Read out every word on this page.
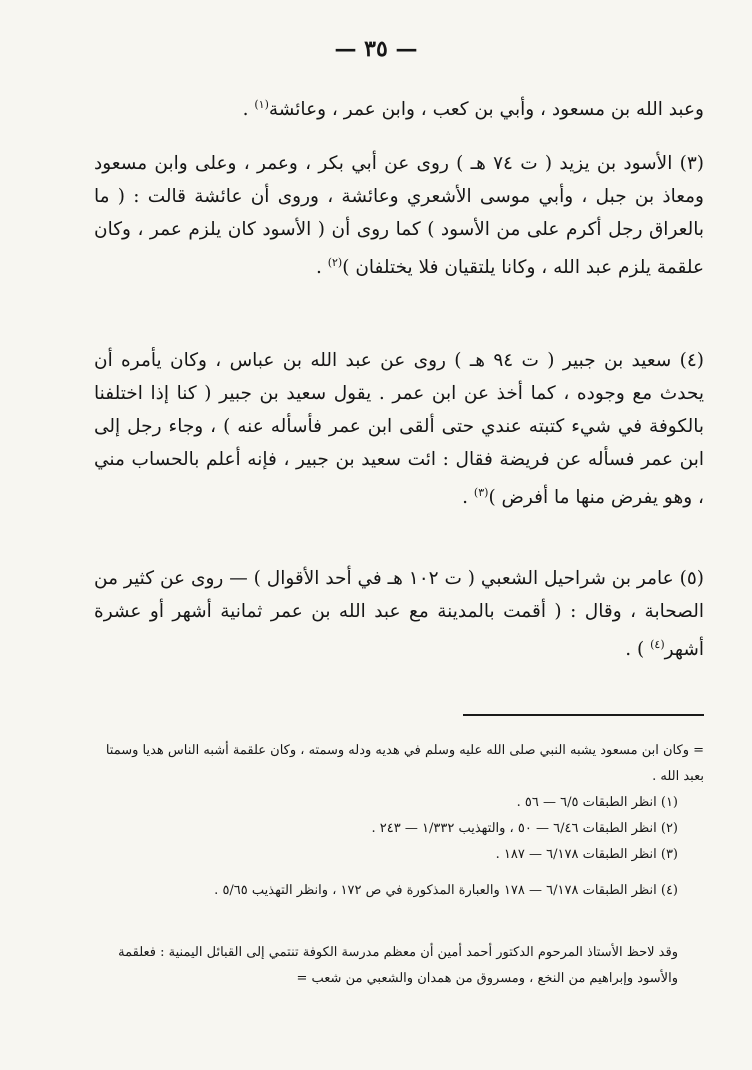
— ٣٥ —

وعبد الله بن مسعود ، وأبي بن كعب ، وابن عمر ، وعائشة$^{(١)}$ .

(٣) الأسود بن يزيد ( ت ٧٤ هـ ) روى عن أبي بكر ، وعمر ، وعلى وابن مسعود ومعاذ بن جبل ، وأبي موسى الأشعري وعائشة ، وروى أن عائشة قالت : ( ما بالعراق رجل أكرم على من الأسود ) كما روى أن ( الأسود كان يلزم عمر ، وكان علقمة يلزم عبد الله ، وكانا يلتقيان فلا يختلفان )$^{(٢)}$ .

(٤) سعيد بن جبير ( ت ٩٤ هـ ) روى عن عبد الله بن عباس ، وكان يأمره أن يحدث مع وجوده ، كما أخذ عن ابن عمر . يقول سعيد بن جبير ( كنا إذا اختلفنا بالكوفة في شيء كتبته عندي حتى ألقى ابن عمر فأسأله عنه ) ، وجاء رجل إلى ابن عمر فسأله عن فريضة فقال : ائت سعيد بن جبير ، فإنه أعلم بالحساب مني ، وهو يفرض منها ما أفرض )$^{(٣)}$ .

(٥) عامر بن شراحيل الشعبي ( ت ١٠٢ هـ في أحد الأقوال ) — روى عن كثير من الصحابة ، وقال : ( أقمت بالمدينة مع عبد الله بن عمر ثمانية أشهر أو عشرة أشهر$^{(٤)}$ ) .

= وكان ابن مسعود يشبه النبي صلى الله عليه وسلم في هديه ودله وسمته ، وكان علقمة أشبه الناس هديا وسمتا بعبد الله .

(١) انظر الطبقات ٦/٥ — ٥٦ .

(٢) انظر الطبقات ٦/٤٦ — ٥٠ ، والتهذيب ١/٣٣٢ — ٢٤٣ .

(٣) انظر الطبقات ٦/١٧٨ — ١٨٧ .

(٤) انظر الطبقات ٦/١٧٨ — ١٧٨ والعبارة المذكورة في ص ١٧٢ ، وانظر التهذيب ٥/٦٥ .

وقد لاحظ الأستاذ المرحوم الدكتور أحمد أمين أن معظم مدرسة الكوفة تنتمي إلى القبائل اليمنية : فعلقمة والأسود وإبراهيم من النخع ، ومسروق من همدان والشعبي من شعب =
